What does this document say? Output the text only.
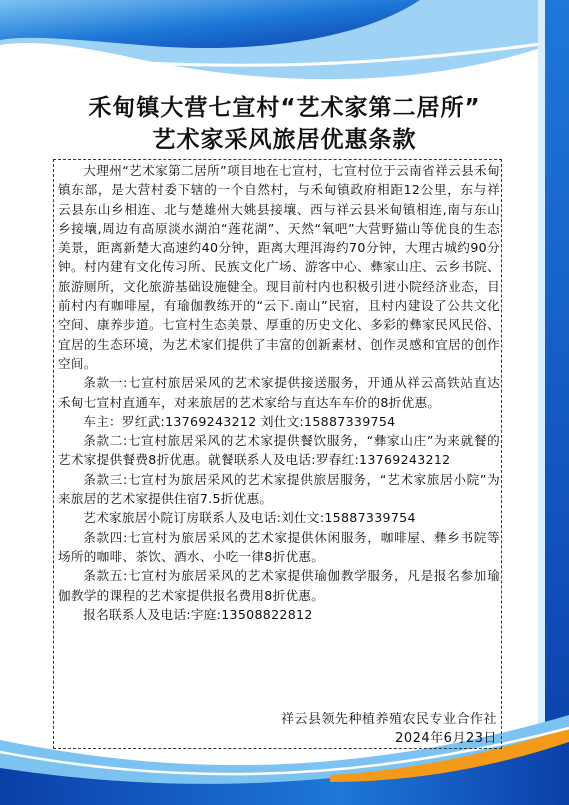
禾甸镇大营七宣村“艺术家第二居所”
艺术家采风旅居优惠条款

大理州“艺术家第二居所”项目地在七宣村，七宣村位于云南省祥云县禾甸镇东部，是大营村委下辖的一个自然村，与禾甸镇政府相距12公里，东与祥云县东山乡相连、北与楚雄州大姚县接壤、西与祥云县米甸镇相连,南与东山乡接壤,周边有高原淡水湖泊“莲花湖”、天然“氧吧”大营野猫山等优良的生态美景，距离新楚大高速约40分钟，距离大理洱海约70分钟，大理古城约90分钟。村内建有文化传习所、民族文化广场、游客中心、彝家山庄、云乡书院、旅游厕所，文化旅游基础设施健全。现目前村内也积极引进小院经济业态，目前村内有咖啡屋，有瑜伽教练开的“云下.南山”民宿，且村内建设了公共文化空间、康养步道。七宣村生态美景、厚重的历史文化、多彩的彝家民风民俗、宜居的生态环境，为艺术家们提供了丰富的创新素材、创作灵感和宜居的创作空间。

条款一:七宣村旅居采风的艺术家提供接送服务，开通从祥云高铁站直达禾甸七宣村直通车，对来旅居的艺术家给与直达车车价的8折优惠。

车主：罗红武:13769243212 刘仕文:15887339754

条款二:七宣村旅居采风的艺术家提供餐饮服务，“彝家山庄”为来就餐的艺术家提供餐费8折优惠。就餐联系人及电话:罗春红:13769243212

条款三:七宣村为旅居采风的艺术家提供旅居服务，“艺术家旅居小院”为来旅居的艺术家提供住宿7.5折优惠。

艺术家旅居小院订房联系人及电话:刘仕文:15887339754

条款四:七宣村为旅居采风的艺术家提供休闲服务，咖啡屋、彝乡书院等场所的咖啡、茶饮、酒水、小吃一律8折优惠。

条款五:七宣村为旅居采风的艺术家提供瑜伽教学服务，凡是报名参加瑜伽教学的课程的艺术家提供报名费用8折优惠。

报名联系人及电话:宇庭:13508822812

祥云县领先种植养殖农民专业合作社
2024年6月23日
